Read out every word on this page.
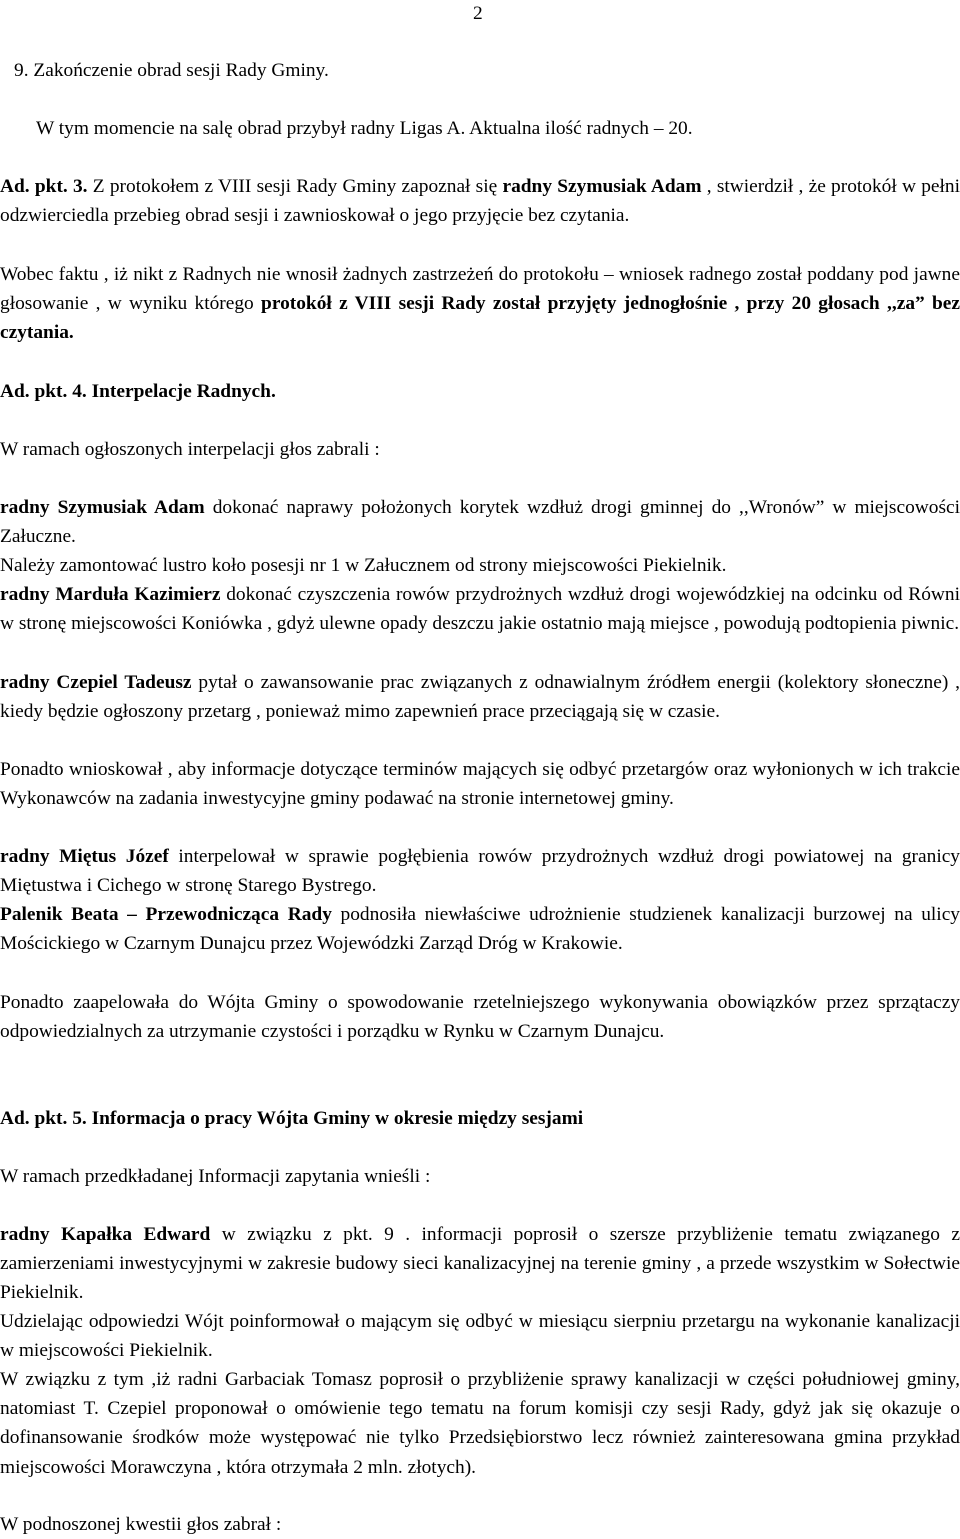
2
9. Zakończenie obrad sesji Rady Gminy.
W tym momencie na salę obrad przybył radny Ligas A. Aktualna ilość radnych – 20.
Ad. pkt. 3. Z protokołem z VIII sesji Rady Gminy zapoznał się radny Szymusiak Adam , stwierdził , że protokół w pełni odzwierciedla przebieg obrad sesji i zawnioskował o jego przyjęcie bez czytania.
Wobec faktu , iż nikt z Radnych nie wnosił żadnych zastrzeżeń do protokołu – wniosek radnego został poddany pod jawne głosowanie , w wyniku którego protokół z VIII sesji Rady został przyjęty jednogłośnie , przy 20 głosach ,,za” bez czytania.
Ad. pkt. 4. Interpelacje Radnych.
W ramach ogłoszonych interpelacji głos zabrali :
radny Szymusiak Adam dokonać naprawy położonych korytek wzdłuż drogi gminnej do ,,Wronów” w miejscowości Załuczne.
Należy zamontować lustro koło posesji nr 1 w Załucznem od strony miejscowości Piekielnik.
radny Marduła Kazimierz dokonać czyszczenia rowów przydrożnych wzdłuż drogi wojewódzkiej na odcinku od Równi w stronę miejscowości Koniówka , gdyż ulewne opady deszczu jakie ostatnio mają miejsce , powodują podtopienia piwnic.
radny Czepiel Tadeusz pytał o zawansowanie prac związanych z odnawialnym źródłem energii (kolektory słoneczne) , kiedy będzie ogłoszony przetarg , ponieważ mimo zapewnień prace przeciągają się w czasie.
Ponadto wnioskował , aby informacje dotyczące terminów mających się odbyć przetargów oraz wyłonionych w ich trakcie Wykonawców na zadania inwestycyjne gminy podawać na stronie internetowej gminy.
radny Miętus Józef interpelował w sprawie pogłębienia rowów przydrożnych wzdłuż drogi powiatowej na granicy Miętustwa i Cichego w stronę Starego Bystrego.
Palenik Beata – Przewodnicząca Rady podnosiła niewłaściwe udrożnienie studzienek kanalizacji burzowej na ulicy Mościckiego w Czarnym Dunajcu przez Wojewódzki Zarząd Dróg w Krakowie.
Ponadto zaapelowała do Wójta Gminy o spowodowanie rzetelniejszego wykonywania obowiązków przez sprzątaczy odpowiedzialnych za utrzymanie czystości i porządku w Rynku w Czarnym Dunajcu.
Ad. pkt. 5. Informacja o pracy Wójta Gminy w okresie między sesjami
W ramach przedkładanej Informacji zapytania wnieśli :
radny Kapałka Edward w związku z pkt. 9 . informacji poprosił o szersze przybliżenie tematu związanego z zamierzeniami inwestycyjnymi w zakresie budowy sieci kanalizacyjnej na terenie gminy , a przede wszystkim w Sołectwie Piekielnik.
Udzielając odpowiedzi Wójt poinformował o mającym się odbyć w miesiącu sierpniu przetargu na wykonanie kanalizacji w miejscowości Piekielnik.
W związku z tym ,iż radni Garbaciak Tomasz poprosił o przybliżenie sprawy kanalizacji w części południowej gminy, natomiast T. Czepiel proponował o omówienie tego tematu na forum komisji czy sesji Rady, gdyż jak się okazuje o dofinansowanie środków może występować nie tylko Przedsiębiorstwo lecz również zainteresowana gmina przykład miejscowości Morawczyna , która otrzymała 2 mln. złotych).
W podnoszonej kwestii głos zabrał :
